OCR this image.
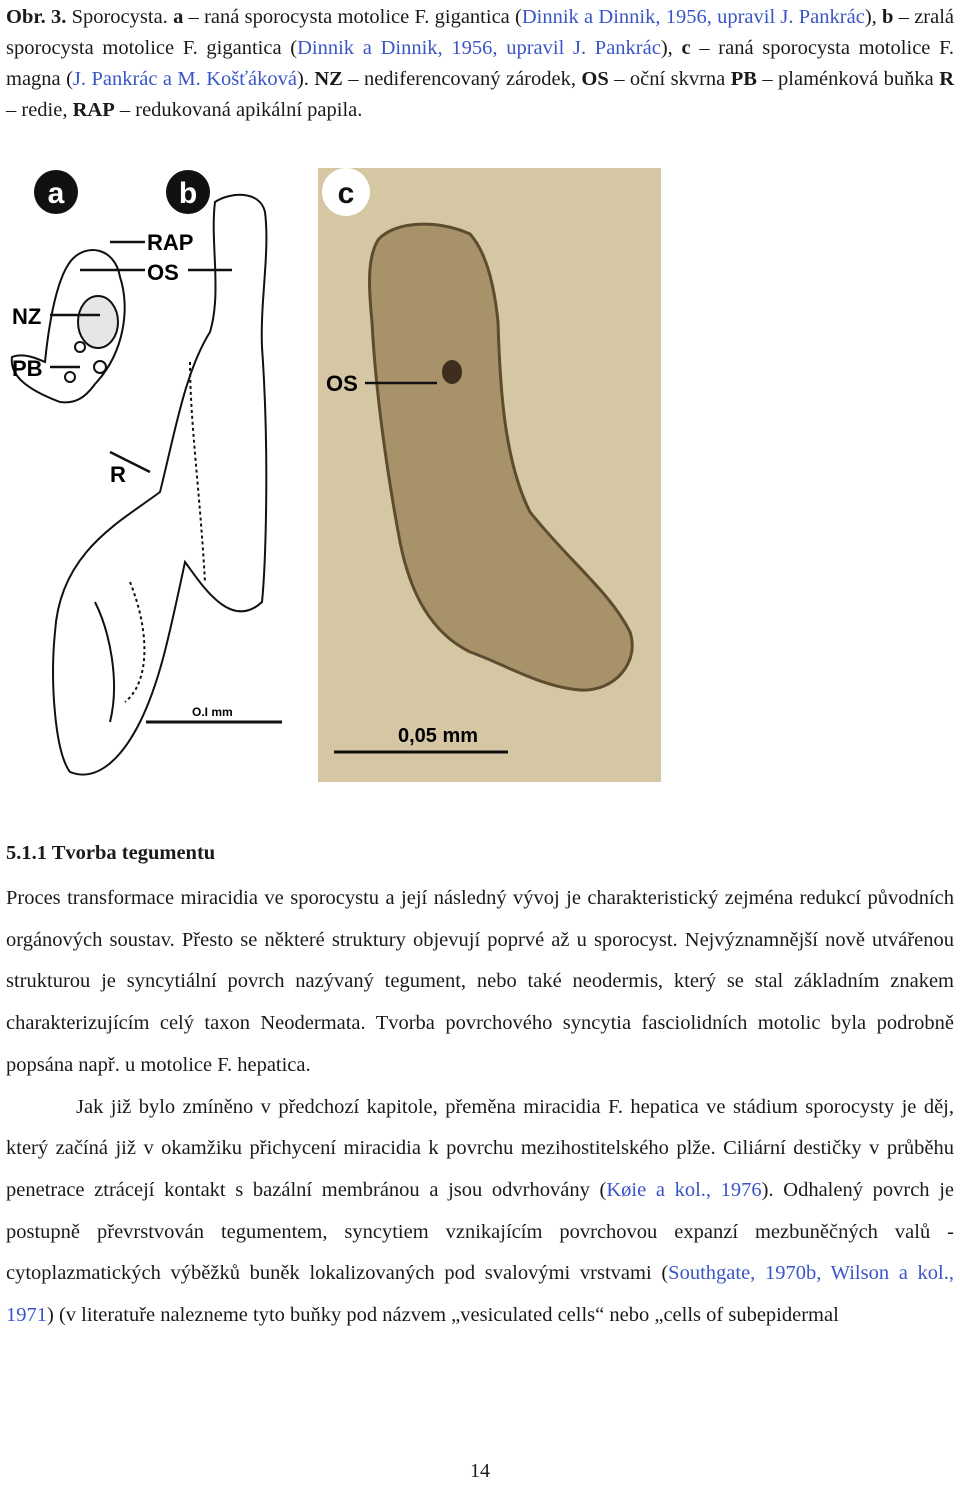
Obr. 3. Sporocysta. a – raná sporocysta motolice F. gigantica (Dinnik a Dinnik, 1956, upravil J. Pankrác), b – zralá sporocysta motolice F. gigantica (Dinnik a Dinnik, 1956, upravil J. Pankrác), c – raná sporocysta motolice F. magna (J. Pankrác a M. Košťáková). NZ – nediferencovaný zárodek, OS – oční skvrna PB – plaménková buňka R – redie, RAP – redukovaná apikální papila.
a	b
NZ
PB
RAP
OS
R
O.I mm
c
OS
0,05 mm
5.1.1 Tvorba tegumentu

Proces transformace miracidia ve sporocystu a její následný vývoj je charakteristický zejména redukcí původních orgánových soustav. Přesto se některé struktury objevují poprvé až u sporocyst. Nejvýznamnější nově utvářenou strukturou je syncytiální povrch nazývaný tegument, nebo také neodermis, který se stal základním znakem charakterizujícím celý taxon Neodermata. Tvorba povrchového syncytia fasciolidních motolic byla podrobně popsána např. u motolice F. hepatica.

Jak již bylo zmíněno v předchozí kapitole, přeměna miracidia F. hepatica ve stádium sporocysty je děj, který začíná již v okamžiku přichycení miracidia k povrchu mezihostitelského plže. Ciliární destičky v průběhu penetrace ztrácejí kontakt s bazální membránou a jsou odvrhovány (Køie a kol., 1976). Odhalený povrch je postupně převrstvován tegumentem, syncytiem vznikajícím povrchovou expanzí mezbuněčných valů - cytoplazmatických výběžků buněk lokalizovaných pod svalovými vrstvami (Southgate, 1970b, Wilson a kol., 1971) (v literatuře nalezneme tyto buňky pod názvem „vesiculated cells“ nebo „cells of subepidermal

14
